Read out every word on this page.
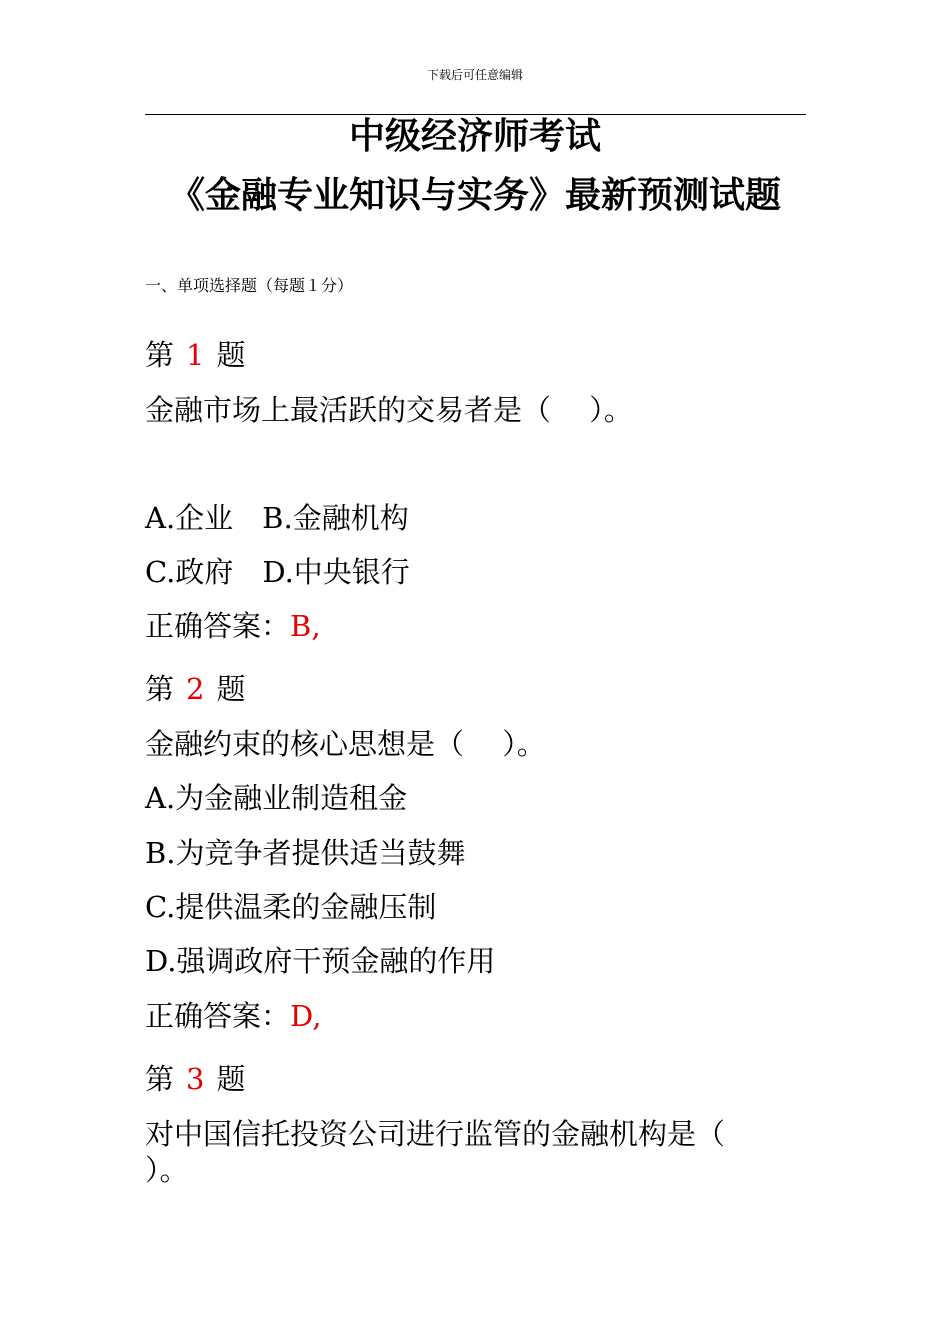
下载后可任意编辑
中级经济师考试
《金融专业知识与实务》最新预测试题
一、单项选择题（每题１分）
第 1 题
金融市场上最活跃的交易者是（　 ）。
A.企业　B.金融机构
C.政府　D.中央银行
正确答案：B,
第 2 题
金融约束的核心思想是（　 ）。
A.为金融业制造租金
B.为竞争者提供适当鼓舞
C.提供温柔的金融压制
D.强调政府干预金融的作用
正确答案：D,
第 3 题
对中国信托投资公司进行监管的金融机构是（
）。
